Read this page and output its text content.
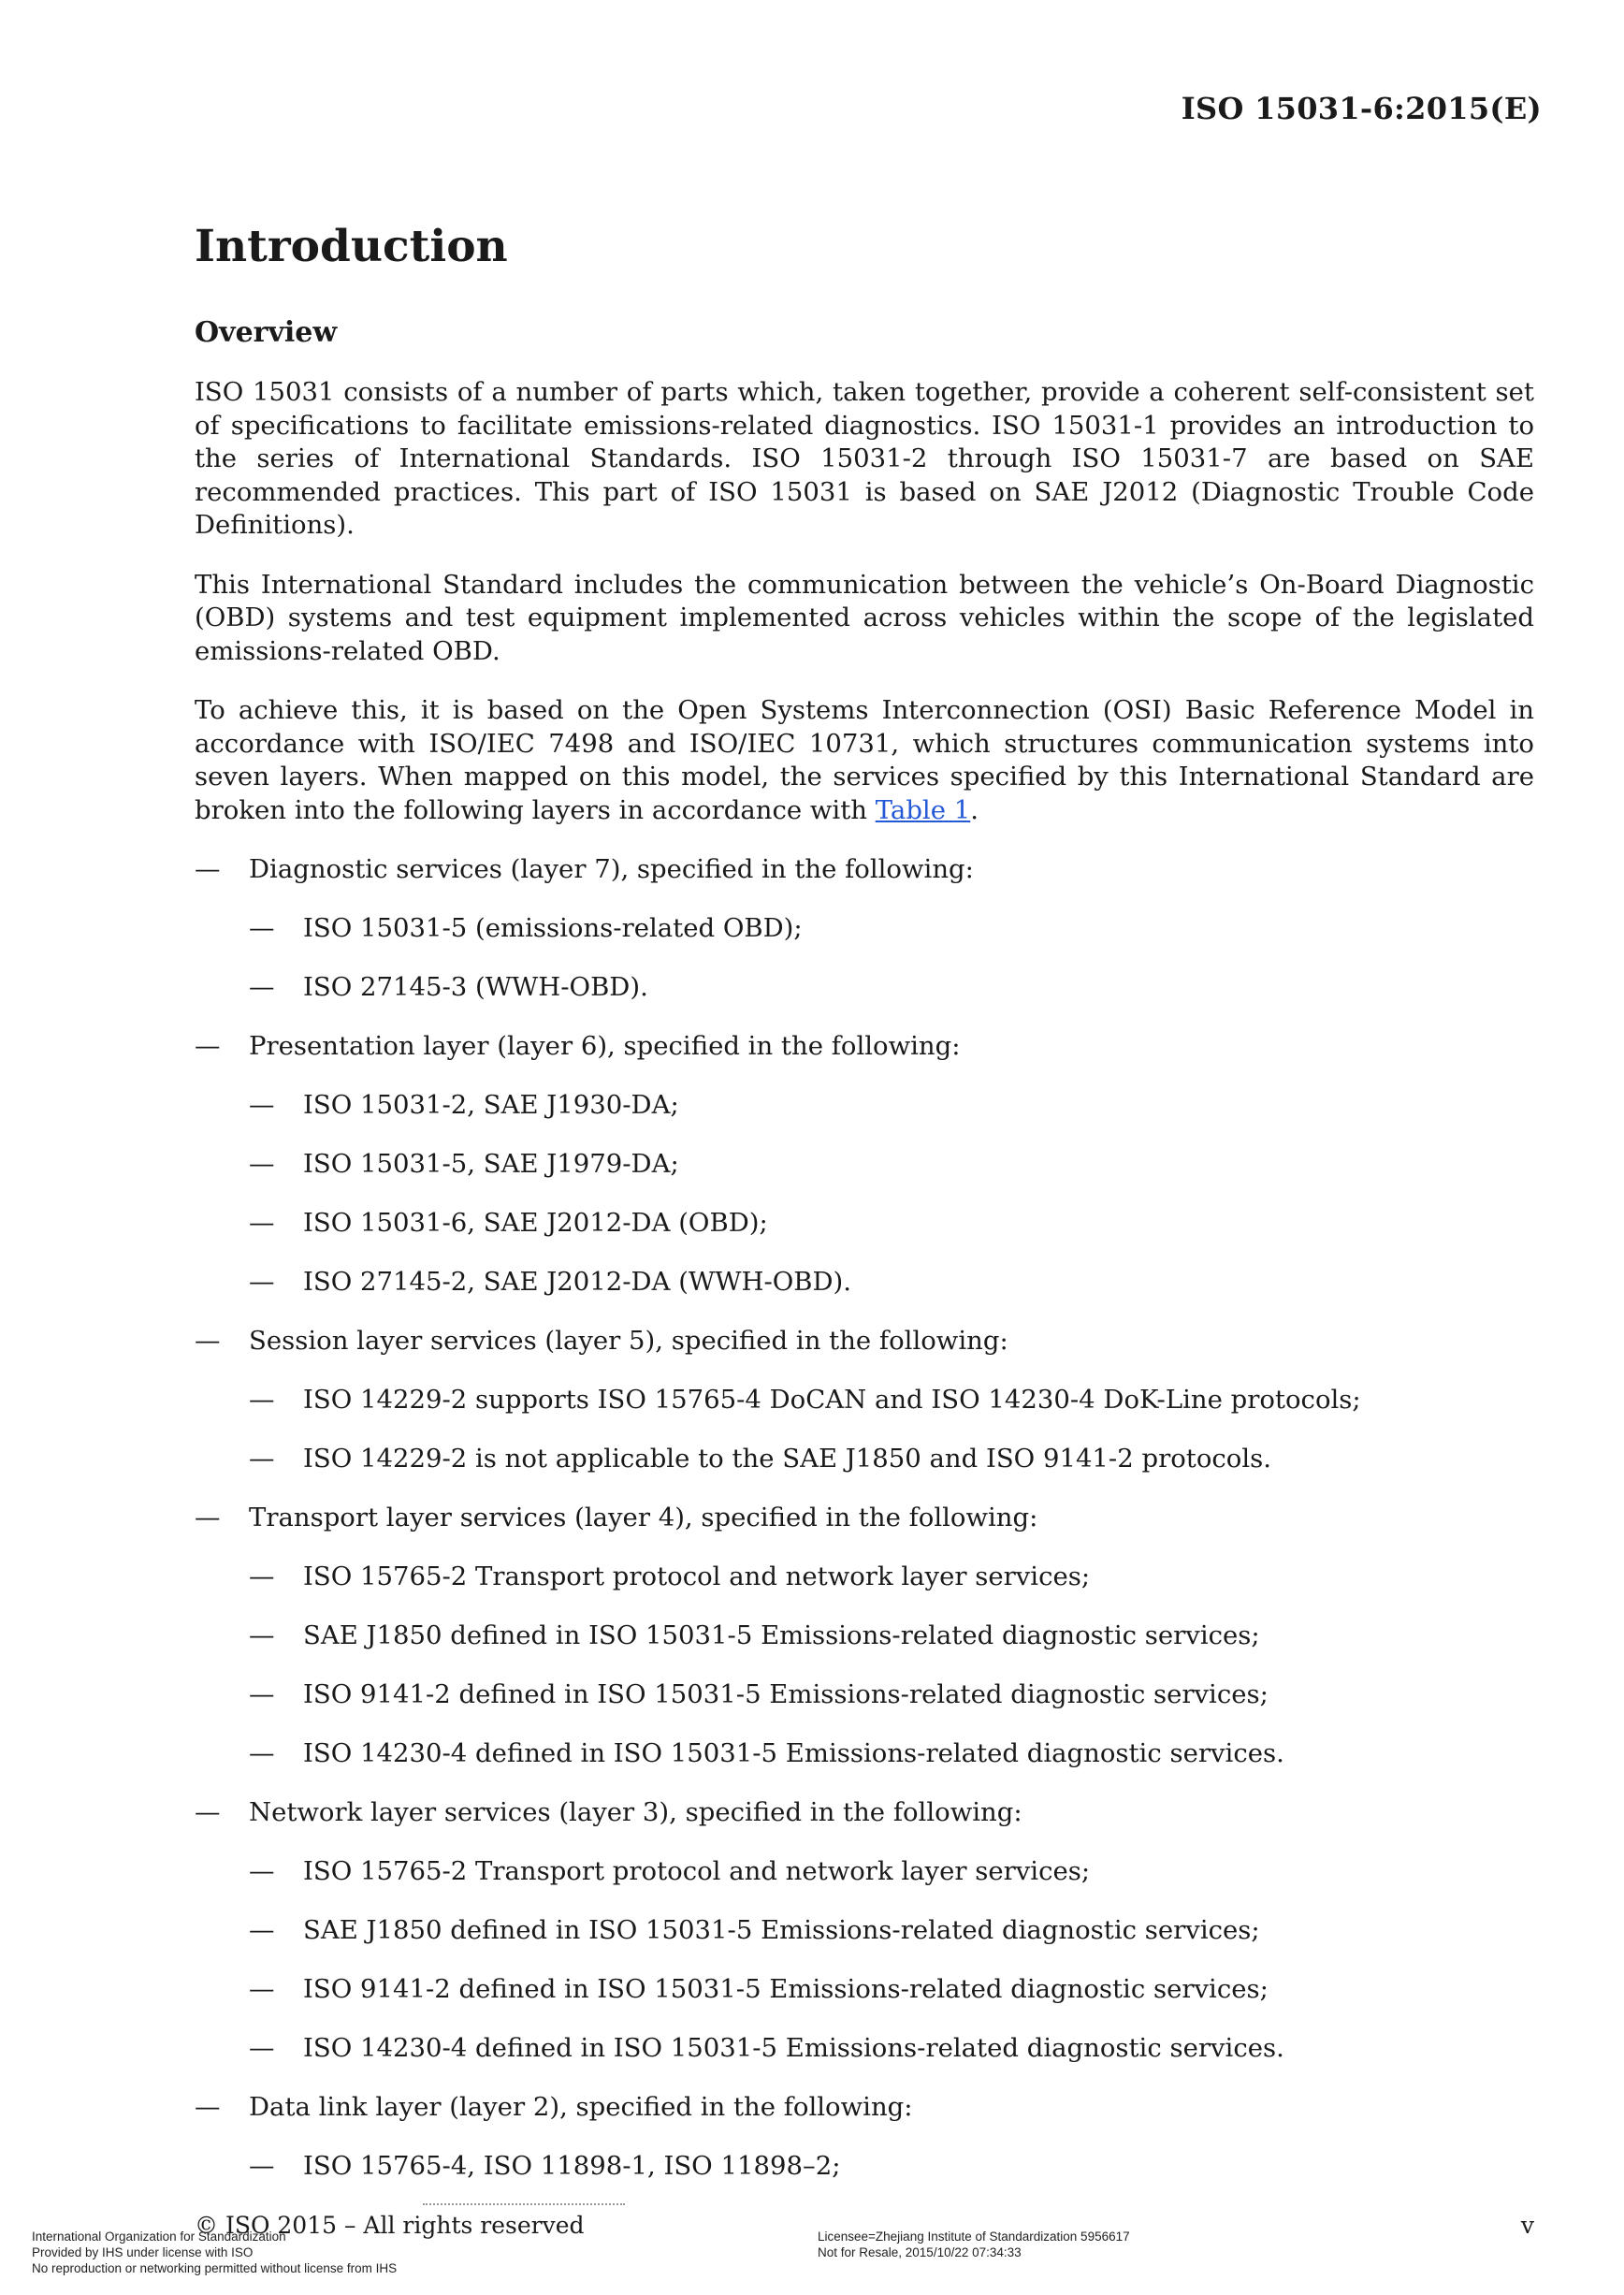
ISO 15031-6:2015(E)
Introduction
Overview

ISO 15031 consists of a number of parts which, taken together, provide a coherent self-consistent set of specifications to facilitate emissions-related diagnostics. ISO 15031-1 provides an introduction to the series of International Standards. ISO 15031-2 through ISO 15031-7 are based on SAE recommended practices. This part of ISO 15031 is based on SAE J2012 (Diagnostic Trouble Code Definitions).

This International Standard includes the communication between the vehicle’s On-Board Diagnostic (OBD) systems and test equipment implemented across vehicles within the scope of the legislated emissions-related OBD.

To achieve this, it is based on the Open Systems Interconnection (OSI) Basic Reference Model in accordance with ISO/IEC 7498 and ISO/IEC 10731, which structures communication systems into seven layers. When mapped on this model, the services specified by this International Standard are broken into the following layers in accordance with Table 1.

— Diagnostic services (layer 7), specified in the following:
— ISO 15031-5 (emissions-related OBD);
— ISO 27145-3 (WWH-OBD).
— Presentation layer (layer 6), specified in the following:
— ISO 15031-2, SAE J1930-DA;
— ISO 15031-5, SAE J1979-DA;
— ISO 15031-6, SAE J2012-DA (OBD);
— ISO 27145-2, SAE J2012-DA (WWH-OBD).
— Session layer services (layer 5), specified in the following:
— ISO 14229-2 supports ISO 15765-4 DoCAN and ISO 14230-4 DoK-Line protocols;
— ISO 14229-2 is not applicable to the SAE J1850 and ISO 9141-2 protocols.
— Transport layer services (layer 4), specified in the following:
— ISO 15765-2 Transport protocol and network layer services;
— SAE J1850 defined in ISO 15031-5 Emissions-related diagnostic services;
— ISO 9141-2 defined in ISO 15031-5 Emissions-related diagnostic services;
— ISO 14230-4 defined in ISO 15031-5 Emissions-related diagnostic services.
— Network layer services (layer 3), specified in the following:
— ISO 15765-2 Transport protocol and network layer services;
— SAE J1850 defined in ISO 15031-5 Emissions-related diagnostic services;
— ISO 9141-2 defined in ISO 15031-5 Emissions-related diagnostic services;
— ISO 14230-4 defined in ISO 15031-5 Emissions-related diagnostic services.
— Data link layer (layer 2), specified in the following:
— ISO 15765-4, ISO 11898-1, ISO 11898–2;
© ISO 2015 – All rights reserved	v
International Organization for Standardization
Provided by IHS under license with ISO
No reproduction or networking permitted without license from IHS
Licensee=Zhejiang Institute of Standardization 5956617
Not for Resale, 2015/10/22 07:34:33
